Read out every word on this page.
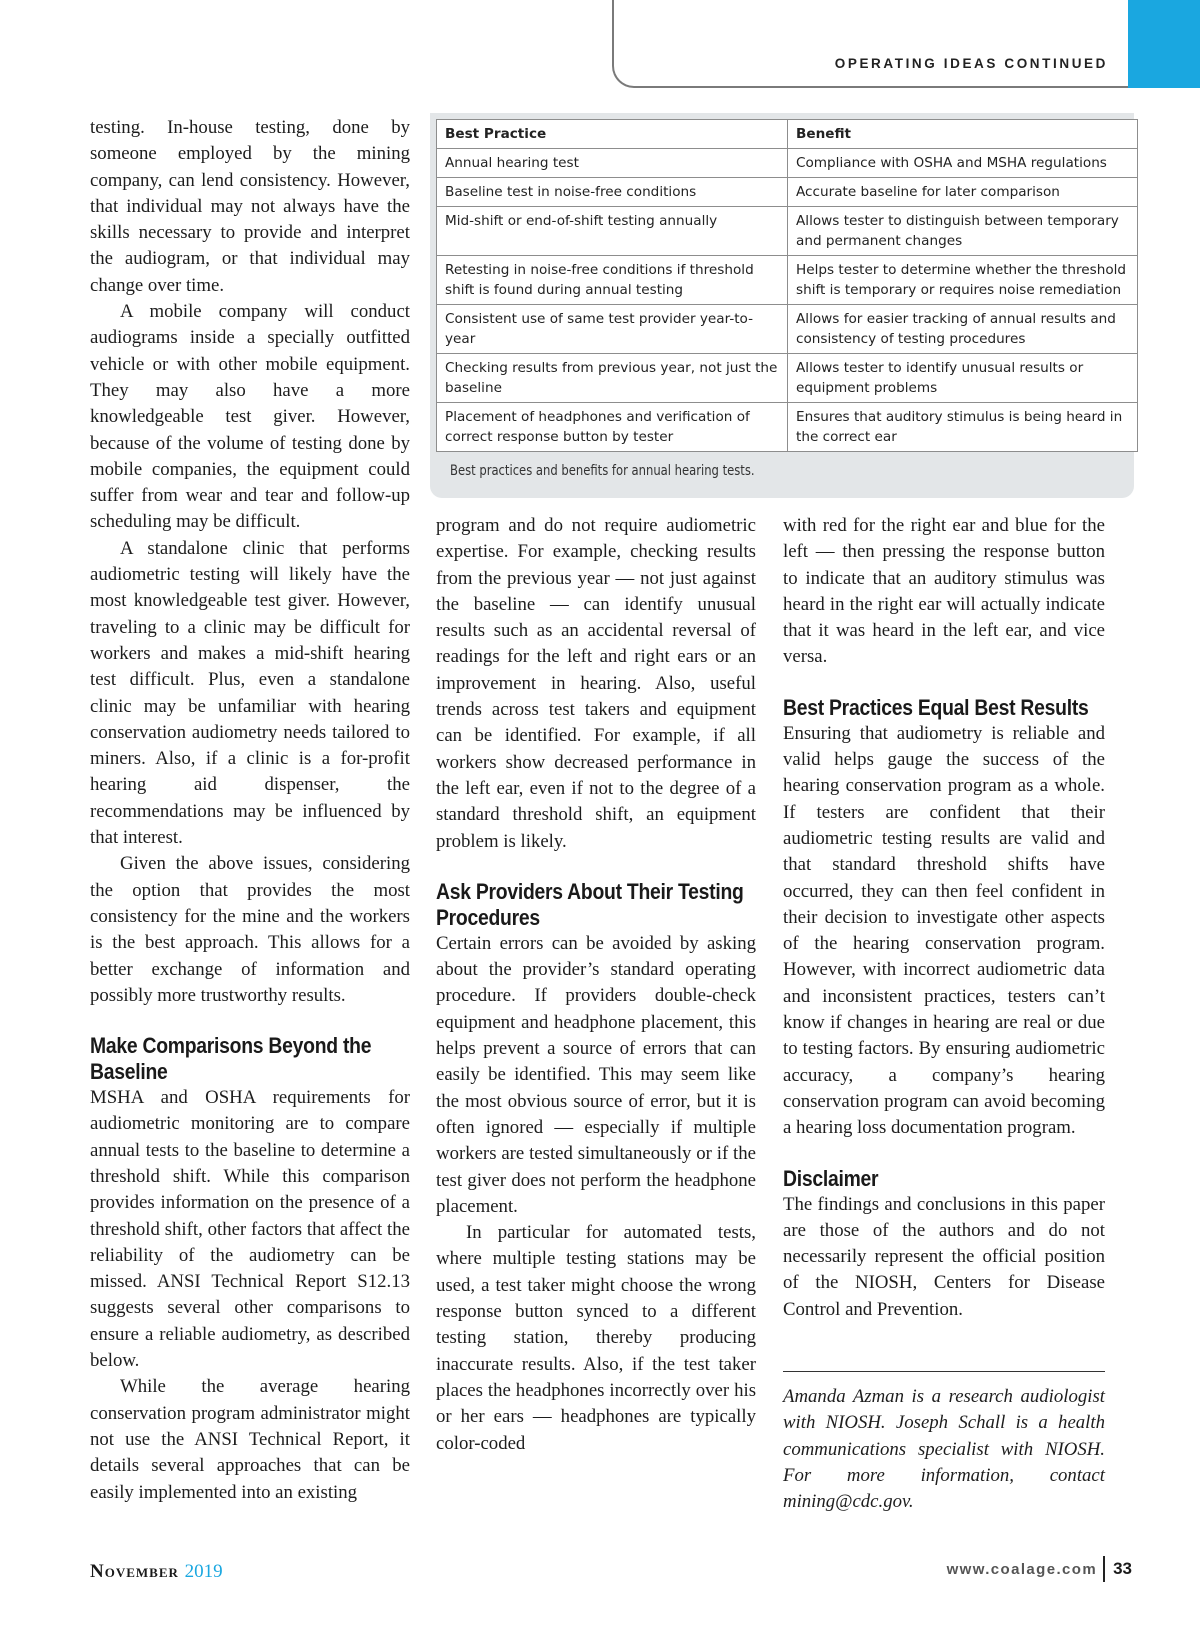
OPERATING IDEAS CONTINUED

testing. In-house testing, done by someone employed by the mining company, can lend consistency. However, that individual may not always have the skills necessary to provide and interpret the audiogram, or that individual may change over time.

A mobile company will conduct audiograms inside a specially outfitted vehicle or with other mobile equipment. They may also have a more knowledgeable test giver. However, because of the volume of testing done by mobile companies, the equipment could suffer from wear and tear and follow-up scheduling may be difficult.

A standalone clinic that performs audiometric testing will likely have the most knowledgeable test giver. However, traveling to a clinic may be difficult for workers and makes a mid-shift hearing test difficult. Plus, even a standalone clinic may be unfamiliar with hearing conservation audiometry needs tailored to miners. Also, if a clinic is a for-profit hearing aid dispenser, the recommendations may be influenced by that interest.

Given the above issues, considering the option that provides the most consistency for the mine and the workers is the best approach. This allows for a better exchange of information and possibly more trustworthy results.

Make Comparisons Beyond the Baseline

MSHA and OSHA requirements for audiometric monitoring are to compare annual tests to the baseline to determine a threshold shift. While this comparison provides information on the presence of a threshold shift, other factors that affect the reliability of the audiometry can be missed. ANSI Technical Report S12.13 suggests several other comparisons to ensure a reliable audiometry, as described below.

While the average hearing conservation program administrator might not use the ANSI Technical Report, it details several approaches that can be easily implemented into an existing

Best Practice	Benefit
Annual hearing test	Compliance with OSHA and MSHA regulations
Baseline test in noise-free conditions	Accurate baseline for later comparison
Mid-shift or end-of-shift testing annually	Allows tester to distinguish between temporary and permanent changes
Retesting in noise-free conditions if threshold shift is found during annual testing	Helps tester to determine whether the threshold shift is temporary or requires noise remediation
Consistent use of same test provider year-to-year	Allows for easier tracking of annual results and consistency of testing procedures
Checking results from previous year, not just the baseline	Allows tester to identify unusual results or equipment problems
Placement of headphones and verification of correct response button by tester	Ensures that auditory stimulus is being heard in the correct ear
Best practices and benefits for annual hearing tests.

program and do not require audiometric expertise. For example, checking results from the previous year — not just against the baseline — can identify unusual results such as an accidental reversal of readings for the left and right ears or an improvement in hearing. Also, useful trends across test takers and equipment can be identified. For example, if all workers show decreased performance in the left ear, even if not to the degree of a standard threshold shift, an equipment problem is likely.

Ask Providers About Their Testing Procedures

Certain errors can be avoided by asking about the provider’s standard operating procedure. If providers double-check equipment and headphone placement, this helps prevent a source of errors that can easily be identified. This may seem like the most obvious source of error, but it is often ignored — especially if multiple workers are tested simultaneously or if the test giver does not perform the headphone placement.

In particular for automated tests, where multiple testing stations may be used, a test taker might choose the wrong response button synced to a different testing station, thereby producing inaccurate results. Also, if the test taker places the headphones incorrectly over his or her ears — headphones are typically color-coded

with red for the right ear and blue for the left — then pressing the response button to indicate that an auditory stimulus was heard in the right ear will actually indicate that it was heard in the left ear, and vice versa.

Best Practices Equal Best Results

Ensuring that audiometry is reliable and valid helps gauge the success of the hearing conservation program as a whole. If testers are confident that their audiometric testing results are valid and that standard threshold shifts have occurred, they can then feel confident in their decision to investigate other aspects of the hearing conservation program. However, with incorrect audiometric data and inconsistent practices, testers can’t know if changes in hearing are real or due to testing factors. By ensuring audiometric accuracy, a company’s hearing conservation program can avoid becoming a hearing loss documentation program.

Disclaimer

The findings and conclusions in this paper are those of the authors and do not necessarily represent the official position of the NIOSH, Centers for Disease Control and Prevention.

Amanda Azman is a research audiologist with NIOSH. Joseph Schall is a health communications specialist with NIOSH. For more information, contact mining@cdc.gov.

November 2019	www.coalage.com 33
